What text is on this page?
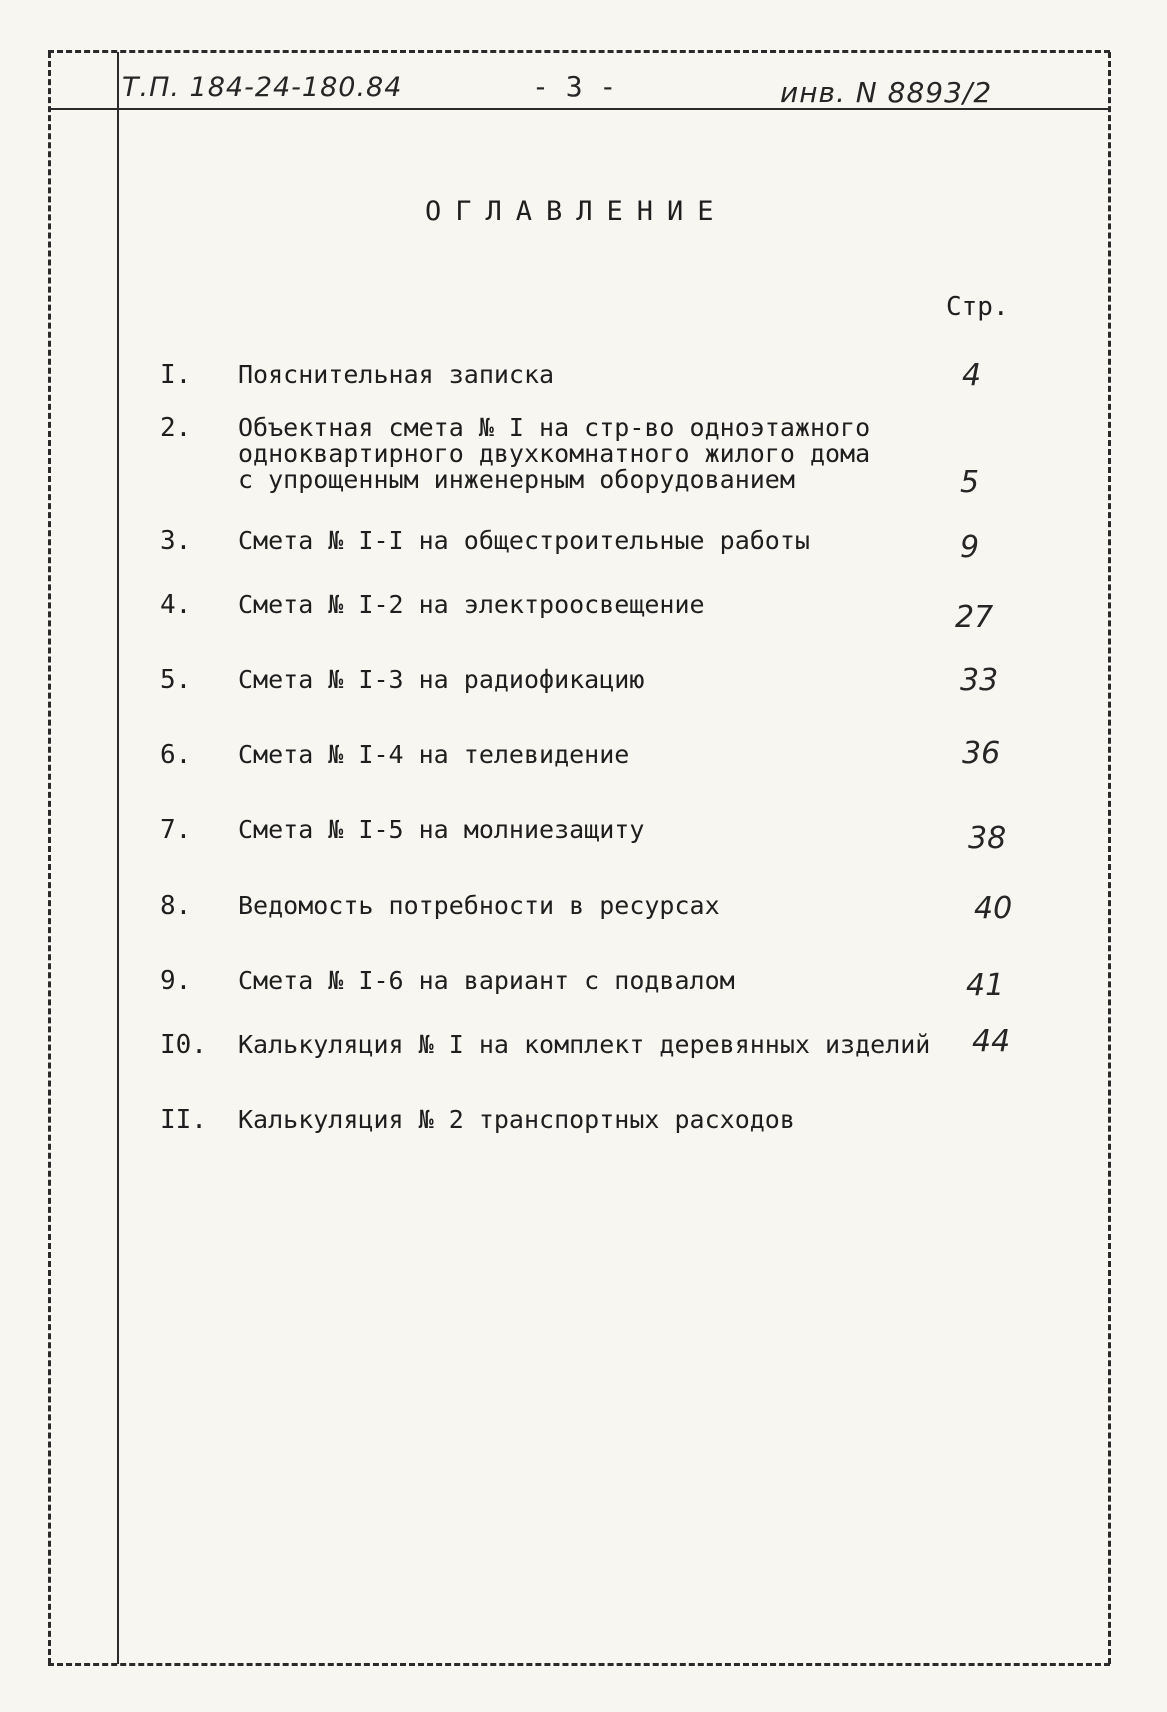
Т.П. 184-24-180.84	- 3 -	инв. N 8893/2
ОГЛАВЛЕНИЕ
Стр.
I. Пояснительная записка	4
2. Объектная смета № I на стр-во одноэтажного
однoквартирного двухкомнатного жилого дома
с упрощенным инженерным оборудованием	5
3. Смета № I-I на общестроительные работы	9
4. Смета № I-2 на электроосвещение	27
5. Смета № I-3 на радиофикацию	33
6. Смета № I-4 на телевидение	36
7. Смета № I-5 на молниезащиту	38
8. Ведомость потребности в ресурсах	40
9. Смета № I-6 на вариант с подвалом	41
I0. Калькуляция № I на комплект деревянных изделий 44
II. Калькуляция № 2 транспортных расходов
